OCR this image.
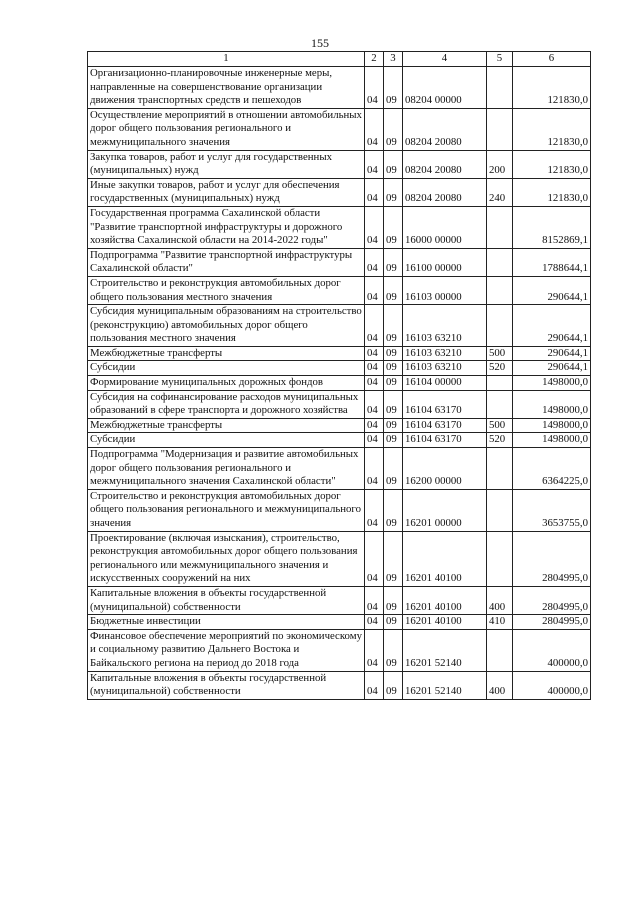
155
1	2	3	4	5	6
Организационно-планировочные инженерные меры, направленные на совершенствование организации движения транспортных средств и пешеходов	04	09	08204 00000		121830,0
Осуществление мероприятий в отношении автомобильных дорог общего пользования регионального и межмуниципального значения	04	09	08204 20080		121830,0
Закупка товаров, работ и услуг для государственных (муниципальных) нужд	04	09	08204 20080	200	121830,0
Иные закупки товаров, работ и услуг для обеспечения государственных (муниципальных) нужд	04	09	08204 20080	240	121830,0
Государственная программа Сахалинской области "Развитие транспортной инфраструктуры и дорожного хозяйства Сахалинской области на 2014-2022 годы"	04	09	16000 00000		8152869,1
Подпрограмма "Развитие транспортной инфраструктуры Сахалинской области"	04	09	16100 00000		1788644,1
Строительство и реконструкция автомобильных дорог общего пользования местного значения	04	09	16103 00000		290644,1
Субсидия муниципальным образованиям на строительство (реконструкцию) автомобильных дорог общего пользования местного значения	04	09	16103 63210		290644,1
Межбюджетные трансферты	04	09	16103 63210	500	290644,1
Субсидии	04	09	16103 63210	520	290644,1
Формирование муниципальных дорожных фондов	04	09	16104 00000		1498000,0
Субсидия на софинансирование расходов муниципальных образований в сфере транспорта и дорожного хозяйства	04	09	16104 63170		1498000,0
Межбюджетные трансферты	04	09	16104 63170	500	1498000,0
Субсидии	04	09	16104 63170	520	1498000,0
Подпрограмма "Модернизация и развитие автомобильных дорог общего пользования регионального и межмуниципального значения Сахалинской области"	04	09	16200 00000		6364225,0
Строительство и реконструкция автомобильных дорог общего пользования регионального и межмуниципального значения	04	09	16201 00000		3653755,0
Проектирование (включая изыскания), строительство, реконструкция автомобильных дорог общего пользования регионального или межмуниципального значения и искусственных сооружений на них	04	09	16201 40100		2804995,0
Капитальные вложения в объекты государственной (муниципальной) собственности	04	09	16201 40100	400	2804995,0
Бюджетные инвестиции	04	09	16201 40100	410	2804995,0
Финансовое обеспечение мероприятий по экономическому и социальному развитию Дальнего Востока и Байкальского региона на период до 2018 года	04	09	16201 52140		400000,0
Капитальные вложения в объекты государственной (муниципальной) собственности	04	09	16201 52140	400	400000,0
